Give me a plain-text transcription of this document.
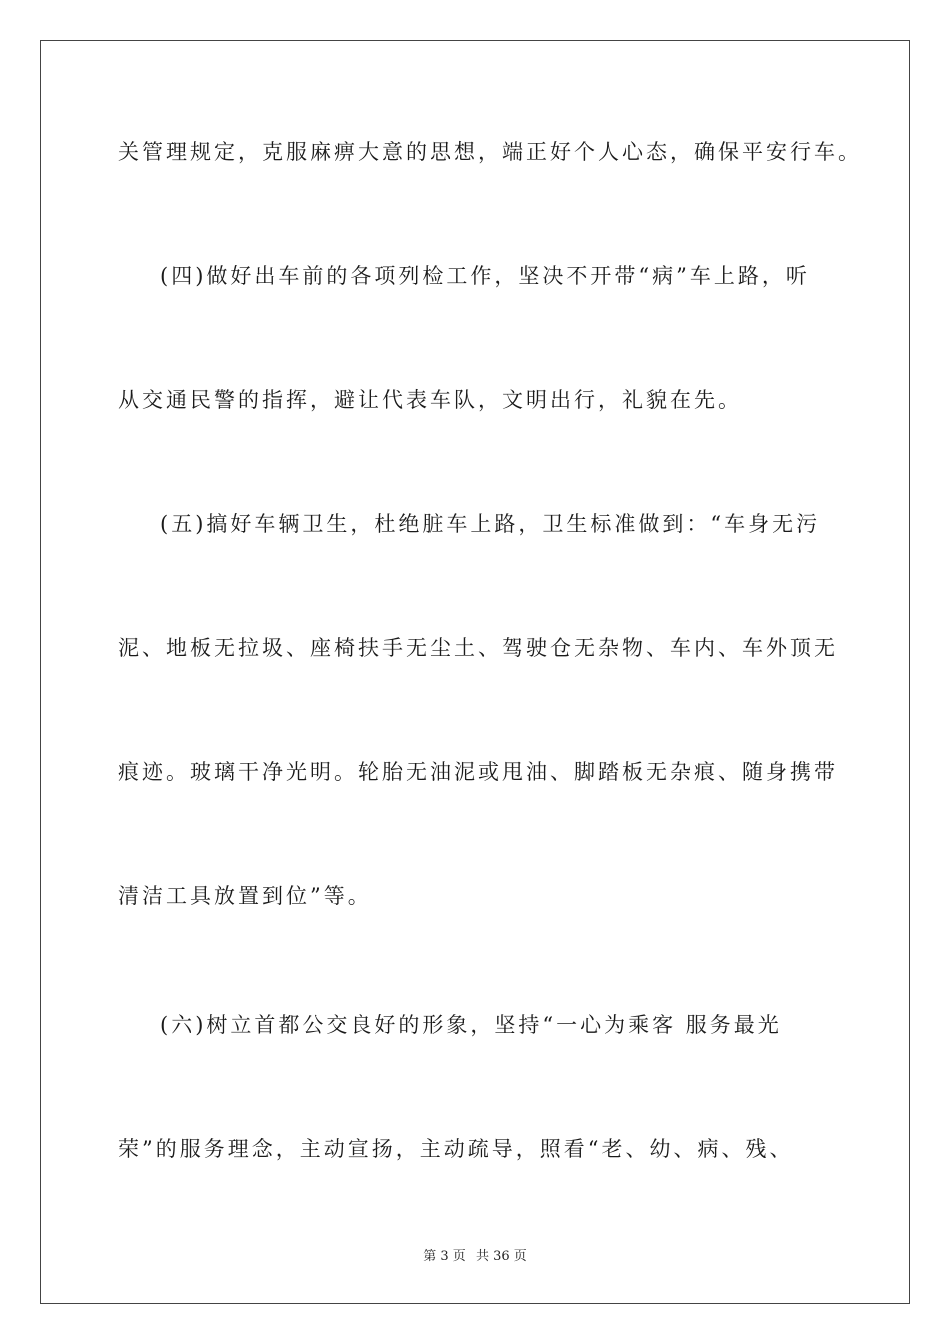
关管理规定，克服麻痹大意的思想，端正好个人心态，确保平安行车。
(四)做好出车前的各项列检工作，坚决不开带“病”车上路，听
从交通民警的指挥，避让代表车队，文明出行，礼貌在先。
(五)搞好车辆卫生，杜绝脏车上路，卫生标准做到：“车身无污
泥、地板无拉圾、座椅扶手无尘土、驾驶仓无杂物、车内、车外顶无
痕迹。玻璃干净光明。轮胎无油泥或甩油、脚踏板无杂痕、随身携带
清洁工具放置到位”等。
(六)树立首都公交良好的形象，坚持“一心为乘客 服务最光
荣”的服务理念，主动宣扬，主动疏导，照看“老、幼、病、残、
第 3 页 共 36 页
